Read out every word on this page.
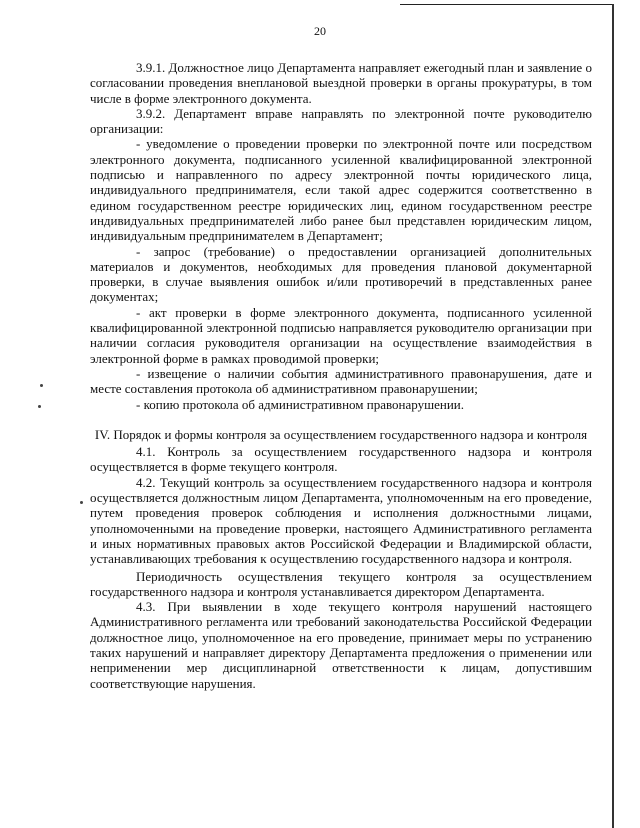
20

3.9.1. Должностное лицо Департамента направляет ежегодный план и заявление о согласовании проведения внеплановой выездной проверки в органы прокуратуры, в том числе в форме электронного документа.

3.9.2. Департамент вправе направлять по электронной почте руководителю организации:

- уведомление о проведении проверки по электронной почте или посредством электронного документа, подписанного усиленной квалифицированной электронной подписью и направленного по адресу электронной почты юридического лица, индивидуального предпринимателя, если такой адрес содержится соответственно в едином государственном реестре юридических лиц, едином государственном реестре индивидуальных предпринимателей либо ранее был представлен юридическим лицом, индивидуальным предпринимателем в Департамент;

- запрос (требование) о предоставлении организацией дополнительных материалов и документов, необходимых для проведения плановой документарной проверки, в случае выявления ошибок и/или противоречий в представленных ранее документах;

- акт проверки в форме электронного документа, подписанного усиленной квалифицированной электронной подписью направляется руководителю организации при наличии согласия руководителя организации на осуществление взаимодействия в электронной форме в рамках проводимой проверки;

- извещение о наличии события административного правонарушения, дате и месте составления протокола об административном правонарушении;

- копию протокола об административном правонарушении.

IV. Порядок и формы контроля за осуществлением государственного надзора и контроля

4.1. Контроль за осуществлением государственного надзора и контроля осуществляется в форме текущего контроля.

4.2. Текущий контроль за осуществлением государственного надзора и контроля осуществляется должностным лицом Департамента, уполномоченным на его проведение, путем проведения проверок соблюдения и исполнения должностными лицами, уполномоченными на проведение проверки, настоящего Административного регламента и иных нормативных правовых актов Российской Федерации и Владимирской области, устанавливающих требования к осуществлению государственного надзора и контроля.

Периодичность осуществления текущего контроля за осуществлением государственного надзора и контроля устанавливается директором Департамента.

4.3. При выявлении в ходе текущего контроля нарушений настоящего Административного регламента или требований законодательства Российской Федерации должностное лицо, уполномоченное на его проведение, принимает меры по устранению таких нарушений и направляет директору Департамента предложения о применении или неприменении мер дисциплинарной ответственности к лицам, допустившим соответствующие нарушения.
